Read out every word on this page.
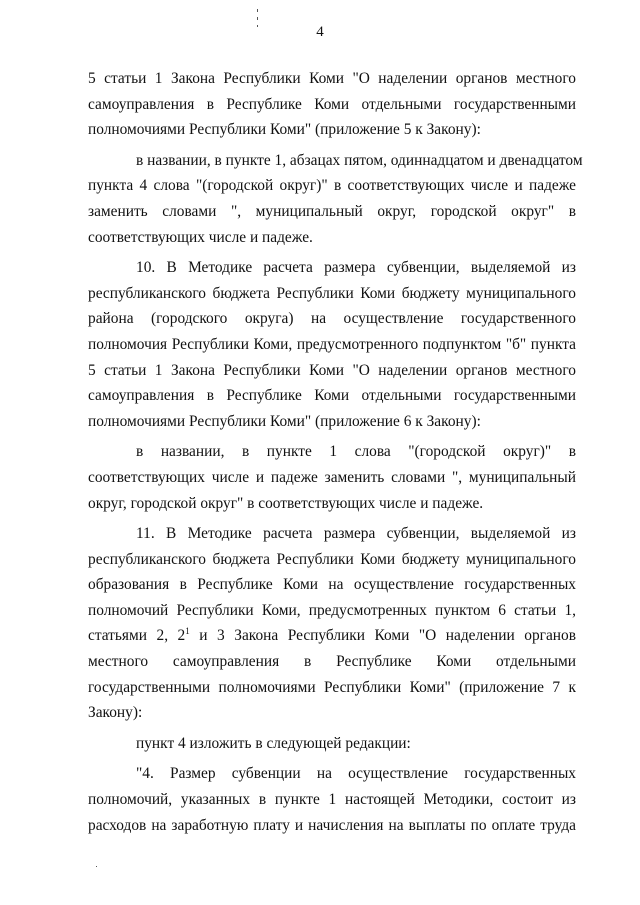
4
5 статьи 1 Закона Республики Коми "О наделении органов местного
самоуправления в Республике Коми отдельными государственными
полномочиями Республики Коми" (приложение 5 к Закону):
в названии, в пункте 1, абзацах пятом, одиннадцатом и двенадцатом
пункта 4 слова "(городской округ)" в соответствующих числе и падеже
заменить словами ", муниципальный округ, городской округ" в
соответствующих числе и падеже.
10. В Методике расчета размера субвенции, выделяемой из
республиканского бюджета Республики Коми бюджету муниципального
района (городского округа) на осуществление государственного
полномочия Республики Коми, предусмотренного подпунктом "б" пункта
5 статьи 1 Закона Республики Коми "О наделении органов местного
самоуправления в Республике Коми отдельными государственными
полномочиями Республики Коми" (приложение 6 к Закону):
в названии, в пункте 1 слова "(городской округ)" в
соответствующих числе и падеже заменить словами ", муниципальный
округ, городской округ" в соответствующих числе и падеже.
11. В Методике расчета размера субвенции, выделяемой из
республиканского бюджета Республики Коми бюджету муниципального
образования в Республике Коми на осуществление государственных
полномочий Республики Коми, предусмотренных пунктом 6 статьи 1,
статьями 2, $2^1$ и 3 Закона Республики Коми "О наделении органов
местного самоуправления в Республике Коми отдельными
государственными полномочиями Республики Коми" (приложение 7 к
Закону):
пункт 4 изложить в следующей редакции:
"4. Размер субвенции на осуществление государственных
полномочий, указанных в пункте 1 настоящей Методики, состоит из
расходов на заработную плату и начисления на выплаты по оплате труда
